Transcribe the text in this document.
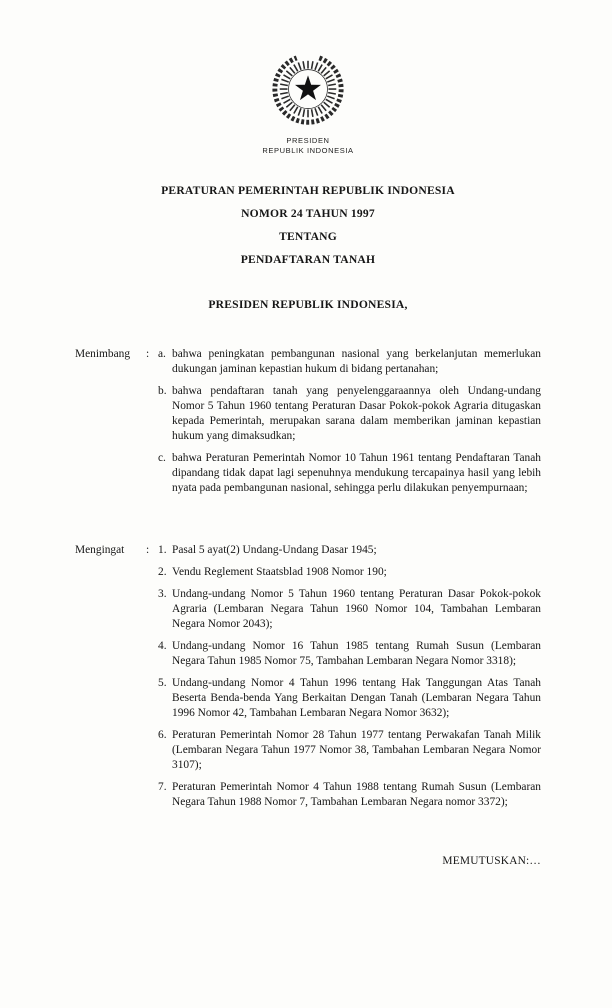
PRESIDEN
REPUBLIK INDONESIA
PERATURAN PEMERINTAH REPUBLIK INDONESIA
NOMOR 24 TAHUN 1997
TENTANG
PENDAFTARAN TANAH
PRESIDEN REPUBLIK INDONESIA,
Menimbang	: a. bahwa peningkatan pembangunan nasional yang berkelanjutan memerlukan dukungan jaminan kepastian hukum di bidang pertanahan;
b. bahwa pendaftaran tanah yang penyelenggaraannya oleh Undang-undang Nomor 5 Tahun 1960 tentang Peraturan Dasar Pokok-pokok Agraria ditugaskan kepada Pemerintah, merupakan sarana dalam memberikan jaminan kepastian hukum yang dimaksudkan;
c. bahwa Peraturan Pemerintah Nomor 10 Tahun 1961 tentang Pendaftaran Tanah dipandang tidak dapat lagi sepenuhnya mendukung tercapainya hasil yang lebih nyata pada pembangunan nasional, sehingga perlu dilakukan penyempurnaan;
Mengingat	: 1. Pasal 5 ayat(2) Undang-Undang Dasar 1945;
2. Vendu Reglement Staatsblad 1908 Nomor 190;
3. Undang-undang Nomor 5 Tahun 1960 tentang Peraturan Dasar Pokok-pokok Agraria (Lembaran Negara Tahun 1960 Nomor 104, Tambahan Lembaran Negara Nomor 2043);
4. Undang-undang Nomor 16 Tahun 1985 tentang Rumah Susun (Lembaran Negara Tahun 1985 Nomor 75, Tambahan Lembaran Negara Nomor 3318);
5. Undang-undang Nomor 4 Tahun 1996 tentang Hak Tanggungan Atas Tanah Beserta Benda-benda Yang Berkaitan Dengan Tanah (Lembaran Negara Tahun 1996 Nomor 42, Tambahan Lembaran Negara Nomor 3632);
6. Peraturan Pemerintah Nomor 28 Tahun 1977 tentang Perwakafan Tanah Milik (Lembaran Negara Tahun 1977 Nomor 38, Tambahan Lembaran Negara Nomor 3107);
7. Peraturan Pemerintah Nomor 4 Tahun 1988 tentang Rumah Susun (Lembaran Negara Tahun 1988 Nomor 7, Tambahan Lembaran Negara nomor 3372);
MEMUTUSKAN:…
